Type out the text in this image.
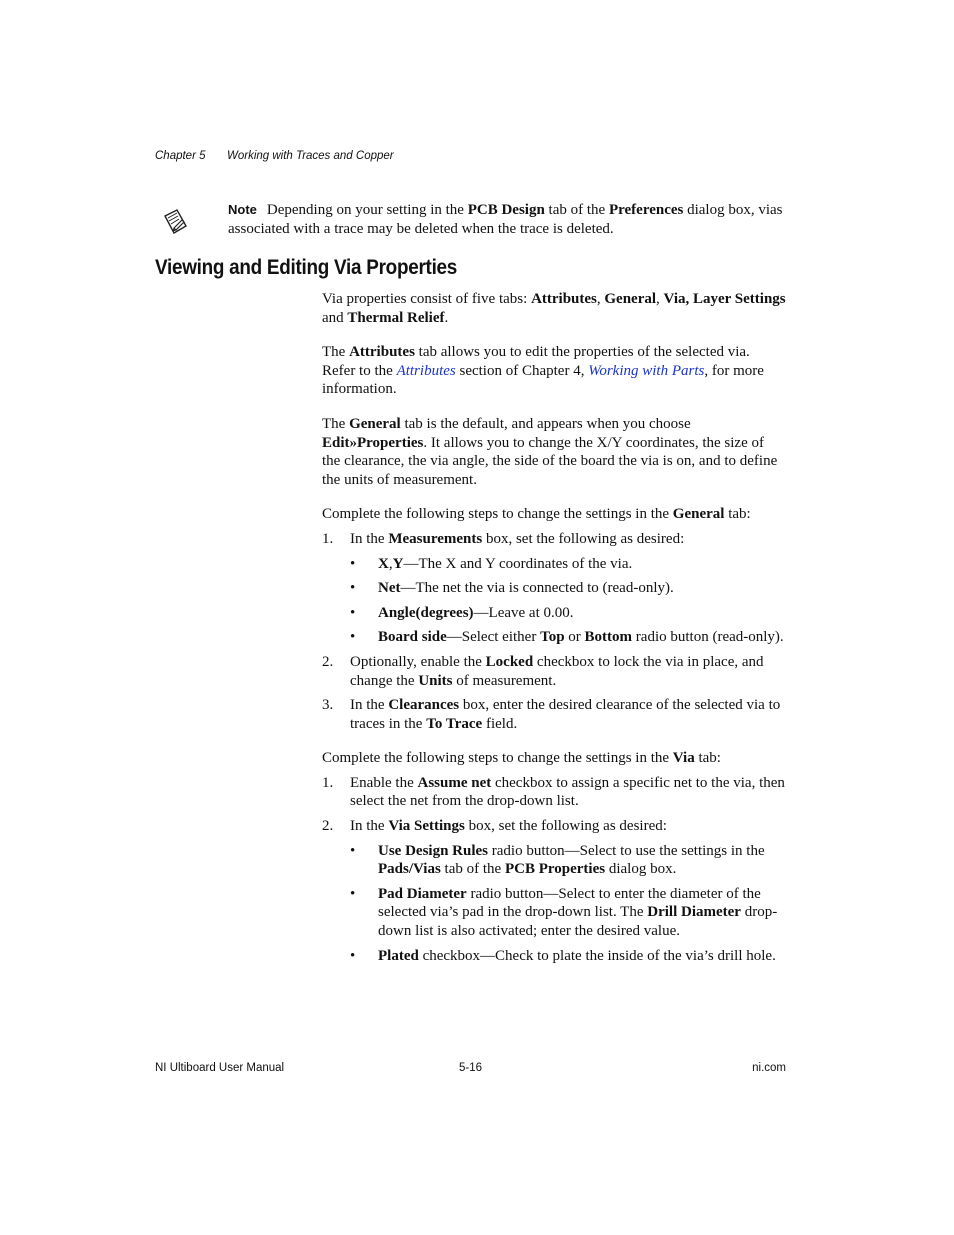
Chapter 5 Working with Traces and Copper
Note Depending on your setting in the PCB Design tab of the Preferences dialog box, vias associated with a trace may be deleted when the trace is deleted.
Viewing and Editing Via Properties

Via properties consist of five tabs: Attributes, General, Via, Layer Settings and Thermal Relief.

The Attributes tab allows you to edit the properties of the selected via. Refer to the Attributes section of Chapter 4, Working with Parts, for more information.

The General tab is the default, and appears when you choose Edit»Properties. It allows you to change the X/Y coordinates, the size of the clearance, the via angle, the side of the board the via is on, and to define the units of measurement.

Complete the following steps to change the settings in the General tab:

1. In the Measurements box, set the following as desired:
• X,Y—The X and Y coordinates of the via.
• Net—The net the via is connected to (read-only).
• Angle(degrees)—Leave at 0.00.
• Board side—Select either Top or Bottom radio button (read-only).
2. Optionally, enable the Locked checkbox to lock the via in place, and change the Units of measurement.
3. In the Clearances box, enter the desired clearance of the selected via to traces in the To Trace field.

Complete the following steps to change the settings in the Via tab:

1. Enable the Assume net checkbox to assign a specific net to the via, then select the net from the drop-down list.
2. In the Via Settings box, set the following as desired:
• Use Design Rules radio button—Select to use the settings in the Pads/Vias tab of the PCB Properties dialog box.
• Pad Diameter radio button—Select to enter the diameter of the selected via’s pad in the drop-down list. The Drill Diameter drop-down list is also activated; enter the desired value.
• Plated checkbox—Check to plate the inside of the via’s drill hole.
NI Ultiboard User Manual	5-16	ni.com
